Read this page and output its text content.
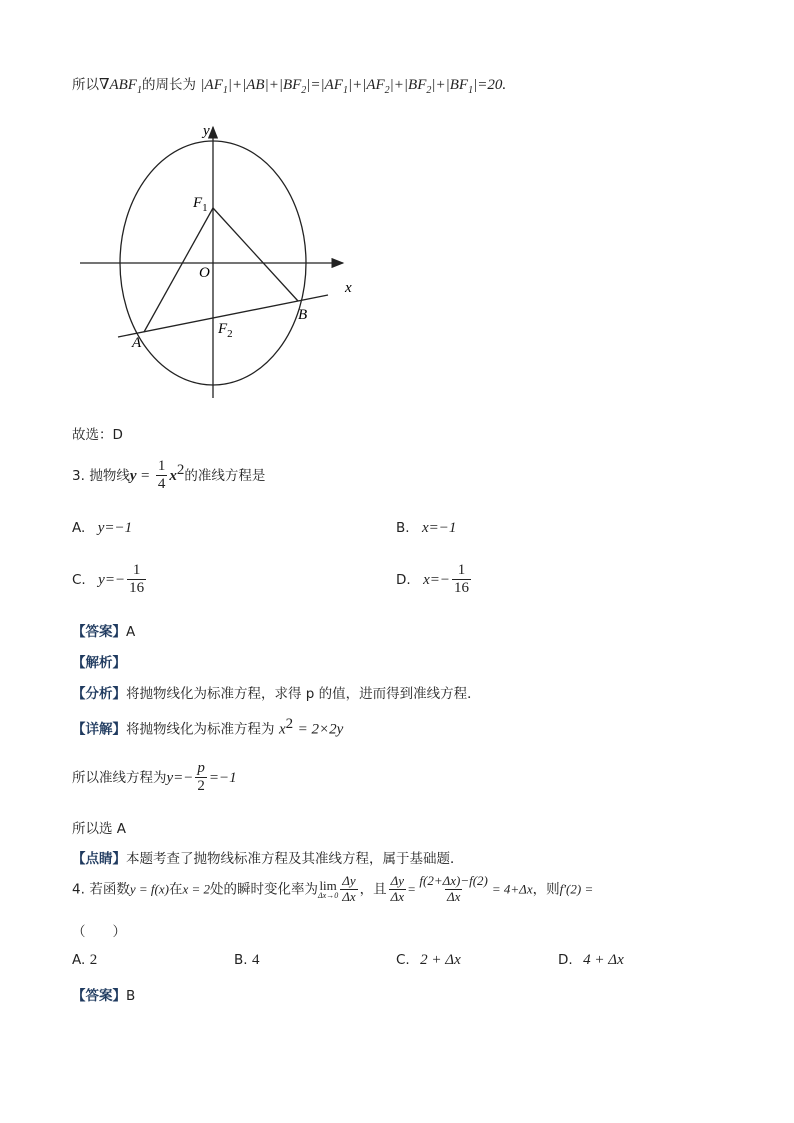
所以$\nabla ABF_1$的周长为 $|AF_1|+|AB|+|BF_2|=|AF_1|+|AF_2|+|BF_2|+|BF_1|=20$.
y
x
O
$F_1$
$F_2$
A
B
故选：D
3. 抛物线$y = \frac{1}{4} x^2$的准线方程是
A. y=−1	B. x=−1
C. $y=- \frac{1}{16}$	D. $x=- \frac{1}{16}$
【答案】A
【解析】
【分析】将抛物线化为标准方程，求得 p 的值，进而得到准线方程．
【详解】将抛物线化为标准方程为 $x^2 = 2\times 2y$
所以准线方程为$y=- \frac{p}{2} =-1$
所以选 A
【点睛】本题考查了抛物线标准方程及其准线方程，属于基础题．
4. 若函数y = f(x)在x = 2处的瞬时变化率为 lim
$\Delta x\to 0 \frac{\Delta y}{\Delta x}$ ，且 $\frac{\Delta y}{\Delta x} = \frac{f(2+\Delta x)-f(2)}{\Delta x} = 4+\Delta x$，则f′(2) =
（　　）
A. 2	B. 4	C. 2 + Δx	D. 4 + Δx
【答案】B
